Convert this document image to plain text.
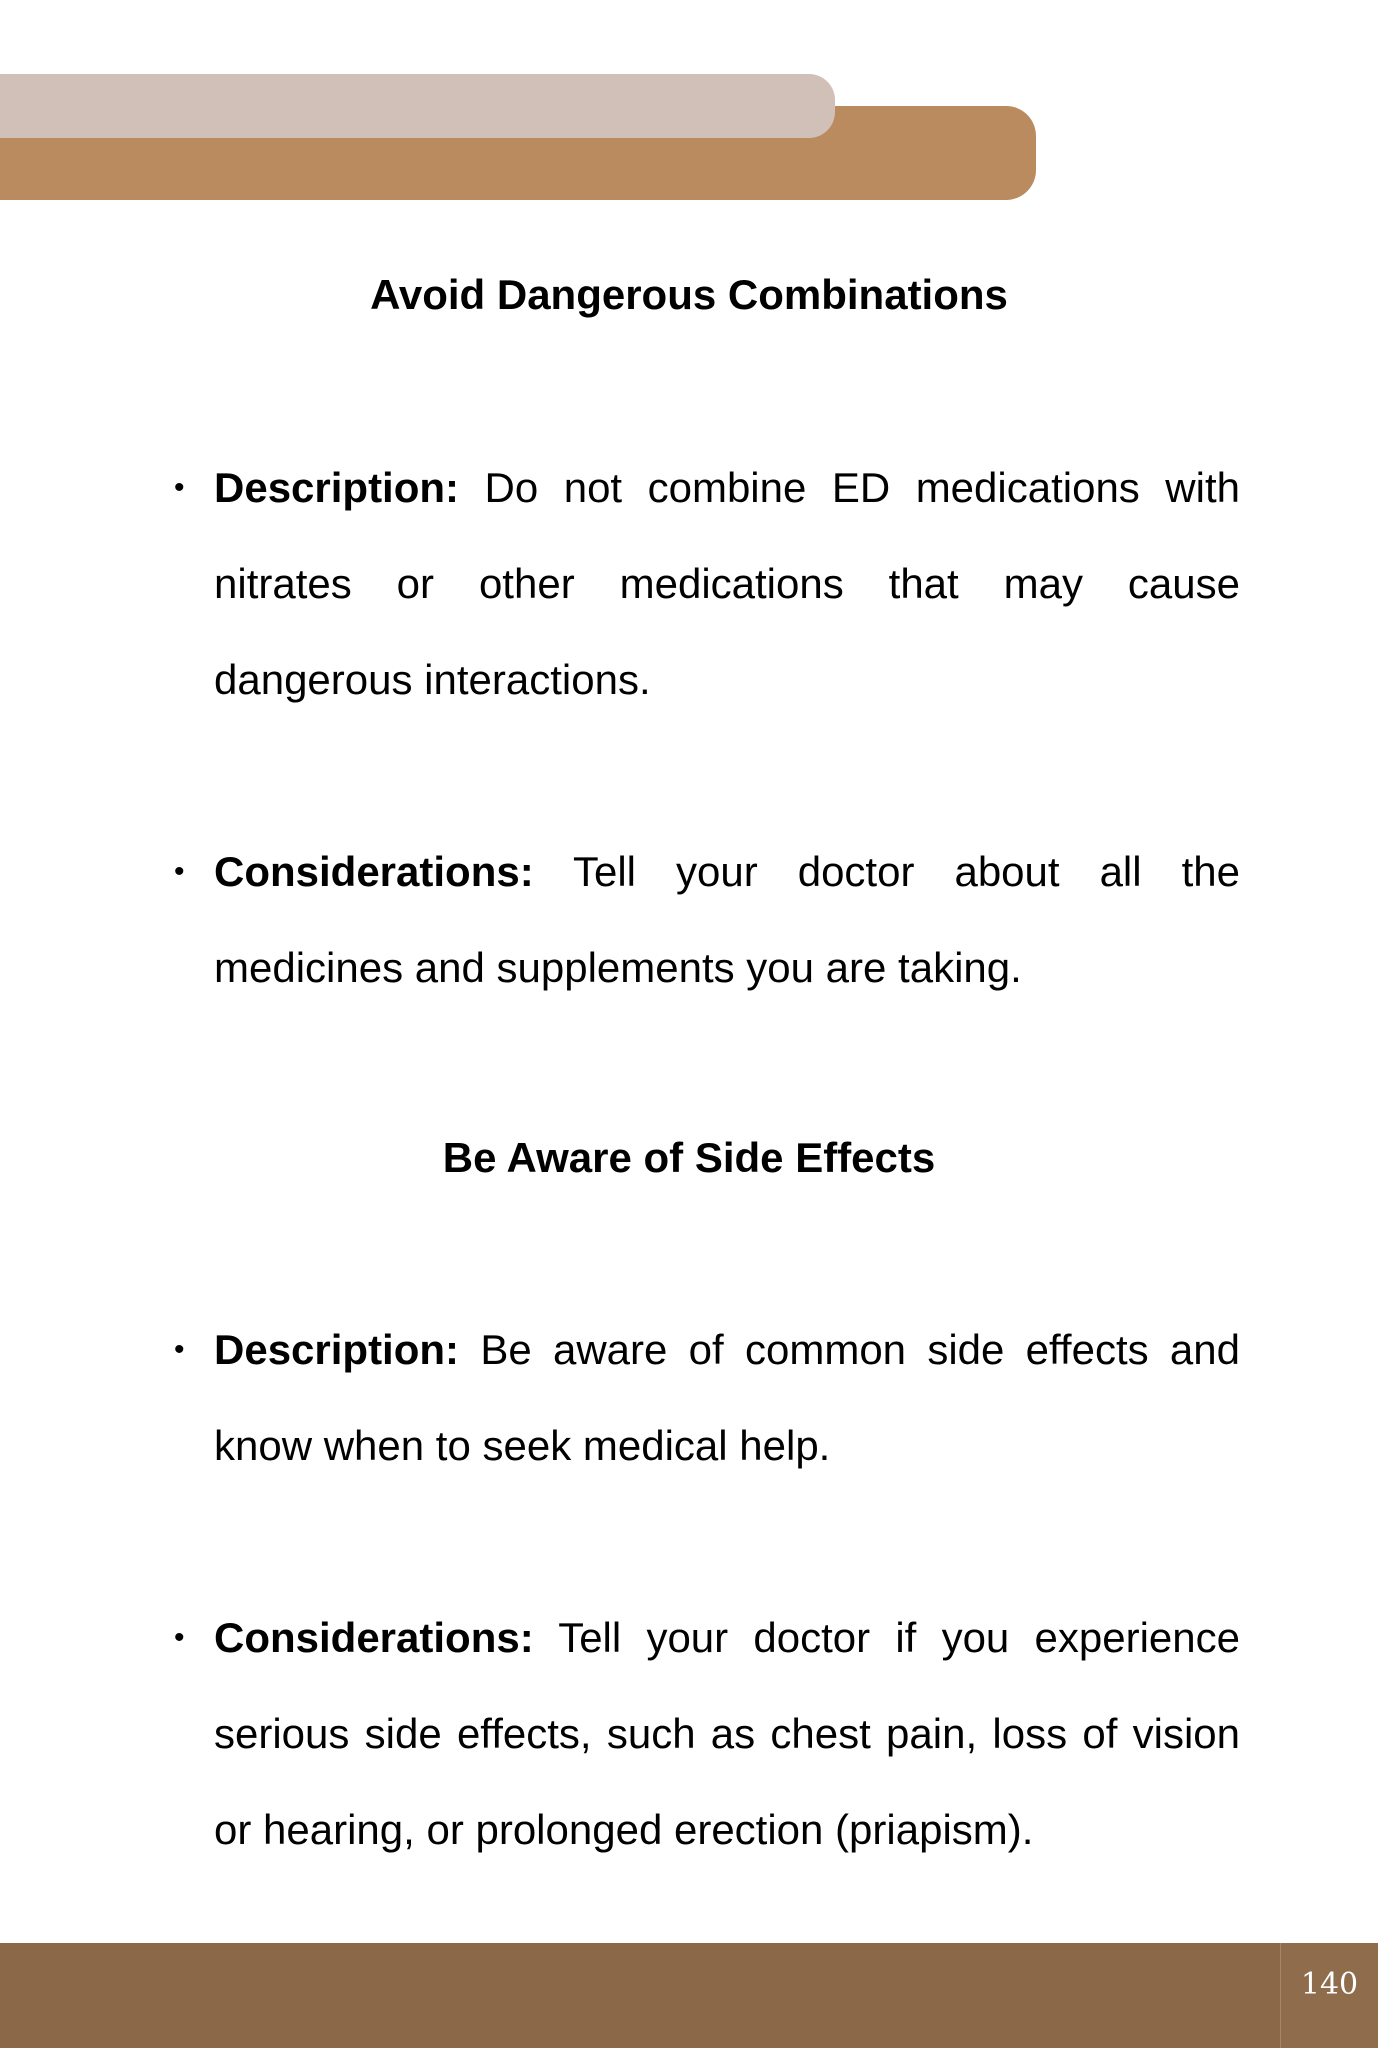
Avoid Dangerous Combinations
• Description: Do not combine ED medications with nitrates or other medications that may cause dangerous interactions.
• Considerations: Tell your doctor about all the medicines and supplements you are taking.
Be Aware of Side Effects
• Description: Be aware of common side effects and know when to seek medical help.
• Considerations: Tell your doctor if you experience serious side effects, such as chest pain, loss of vision or hearing, or prolonged erection (priapism).
140
